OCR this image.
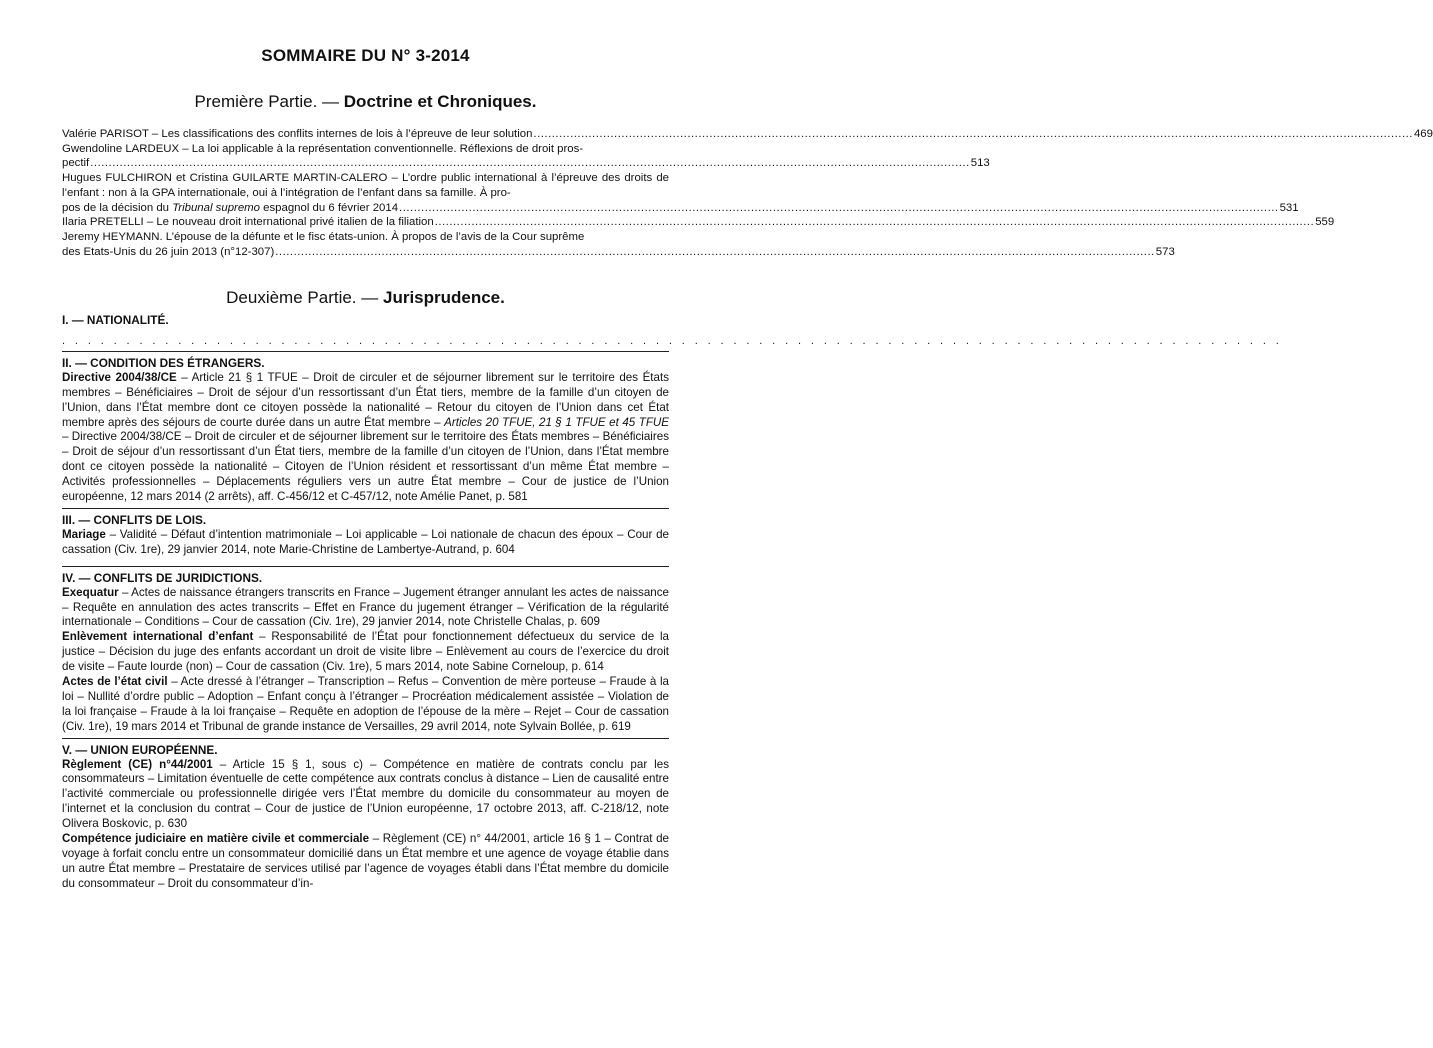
SOMMAIRE DU N° 3-2014
Première Partie. — Doctrine et Chroniques.
Valérie PARISOT – Les classifications des conflits internes de lois à l’épreuve de leur solution .....	469
Gwendoline LARDEUX – La loi applicable à la représentation conventionnelle. Réflexions de droit pros-
pectif .....	513
Hugues FULCHIRON et Cristina GUILARTE MARTIN-CALERO – L’ordre public international à l’épreuve des droits de l’enfant : non à la GPA internationale, oui à l’intégration de l’enfant dans sa famille. À pro-
pos de la décision du Tribunal supremo espagnol du 6 février 2014 .....	531
Ilaria PRETELLI – Le nouveau droit international privé italien de la filiation .....	559
Jeremy HEYMANN. L’épouse de la défunte et le fisc états-union. À propos de l’avis de la Cour suprême
des Etats-Unis du 26 juin 2013 (n°12-307) .....	573
Deuxième Partie. — Jurisprudence.
I. — NATIONALITÉ.
. . . . . . . . . . . . . . . . . . . . . . . . . . . . . . . . . . . . . . . . . . . . . . . . . . . . . . . . . . . . . . . . . . . . . . . . . . . . . . . . . . . . . . . . . . . . . . .
II. — CONDITION DES ÉTRANGERS.

Directive 2004/38/CE – Article 21 § 1 TFUE – Droit de circuler et de séjourner librement sur le territoire des États membres – Bénéficiaires – Droit de séjour d’un ressortissant d’un État tiers, membre de la famille d’un citoyen de l’Union, dans l’État membre dont ce citoyen possède la nationalité – Retour du citoyen de l’Union dans cet État membre après des séjours de courte durée dans un autre État membre – Articles 20 TFUE, 21 § 1 TFUE et 45 TFUE – Directive 2004/38/CE – Droit de circuler et de séjourner librement sur le territoire des États membres – Bénéficiaires – Droit de séjour d’un ressortissant d’un État tiers, membre de la famille d’un citoyen de l’Union, dans l’État membre dont ce citoyen possède la nationalité – Citoyen de l’Union résident et ressortissant d’un même État membre – Activités professionnelles – Déplacements réguliers vers un autre État membre – Cour de justice de l’Union européenne, 12 mars 2014 (2 arrêts), aff. C-456/12 et C-457/12, note Amélie Panet, p. 581

III. — CONFLITS DE LOIS.

Mariage – Validité – Défaut d’intention matrimoniale – Loi applicable – Loi nationale de chacun des époux – Cour de cassation (Civ. 1re), 29 janvier 2014, note Marie-Christine de Lambertye-Autrand, p. 604

IV. — CONFLITS DE JURIDICTIONS.

Exequatur – Actes de naissance étrangers transcrits en France – Jugement étranger annulant les actes de naissance – Requête en annulation des actes transcrits – Effet en France du jugement étranger – Vérification de la régularité internationale – Conditions – Cour de cassation (Civ. 1re), 29 janvier 2014, note Christelle Chalas, p. 609

Enlèvement international d’enfant – Responsabilité de l’État pour fonctionnement défectueux du service de la justice – Décision du juge des enfants accordant un droit de visite libre – Enlèvement au cours de l’exercice du droit de visite – Faute lourde (non) – Cour de cassation (Civ. 1re), 5 mars 2014, note Sabine Corneloup, p. 614

Actes de l’état civil – Acte dressé à l’étranger – Transcription – Refus – Convention de mère porteuse – Fraude à la loi – Nullité d’ordre public – Adoption – Enfant conçu à l’étranger – Procréation médicalement assistée – Violation de la loi française – Fraude à la loi française – Requête en adoption de l’épouse de la mère – Rejet – Cour de cassation (Civ. 1re), 19 mars 2014 et Tribunal de grande instance de Versailles, 29 avril 2014, note Sylvain Bollée, p. 619

V. — UNION EUROPÉENNE.

Règlement (CE) n°44/2001 – Article 15 § 1, sous c) – Compétence en matière de contrats conclu par les consommateurs – Limitation éventuelle de cette compétence aux contrats conclus à distance – Lien de causalité entre l’activité commerciale ou professionnelle dirigée vers l’État membre du domicile du consommateur au moyen de l’internet et la conclusion du contrat – Cour de justice de l’Union européenne, 17 octobre 2013, aff. C-218/12, note Olivera Boskovic, p. 630

Compétence judiciaire en matière civile et commerciale – Règlement (CE) n° 44/2001, article 16 § 1 – Contrat de voyage à forfait conclu entre un consommateur domicilié dans un État membre et une agence de voyage établie dans un autre État membre – Prestataire de services utilisé par l’agence de voyages établi dans l’État membre du domicile du consommateur – Droit du consommateur d’in-
